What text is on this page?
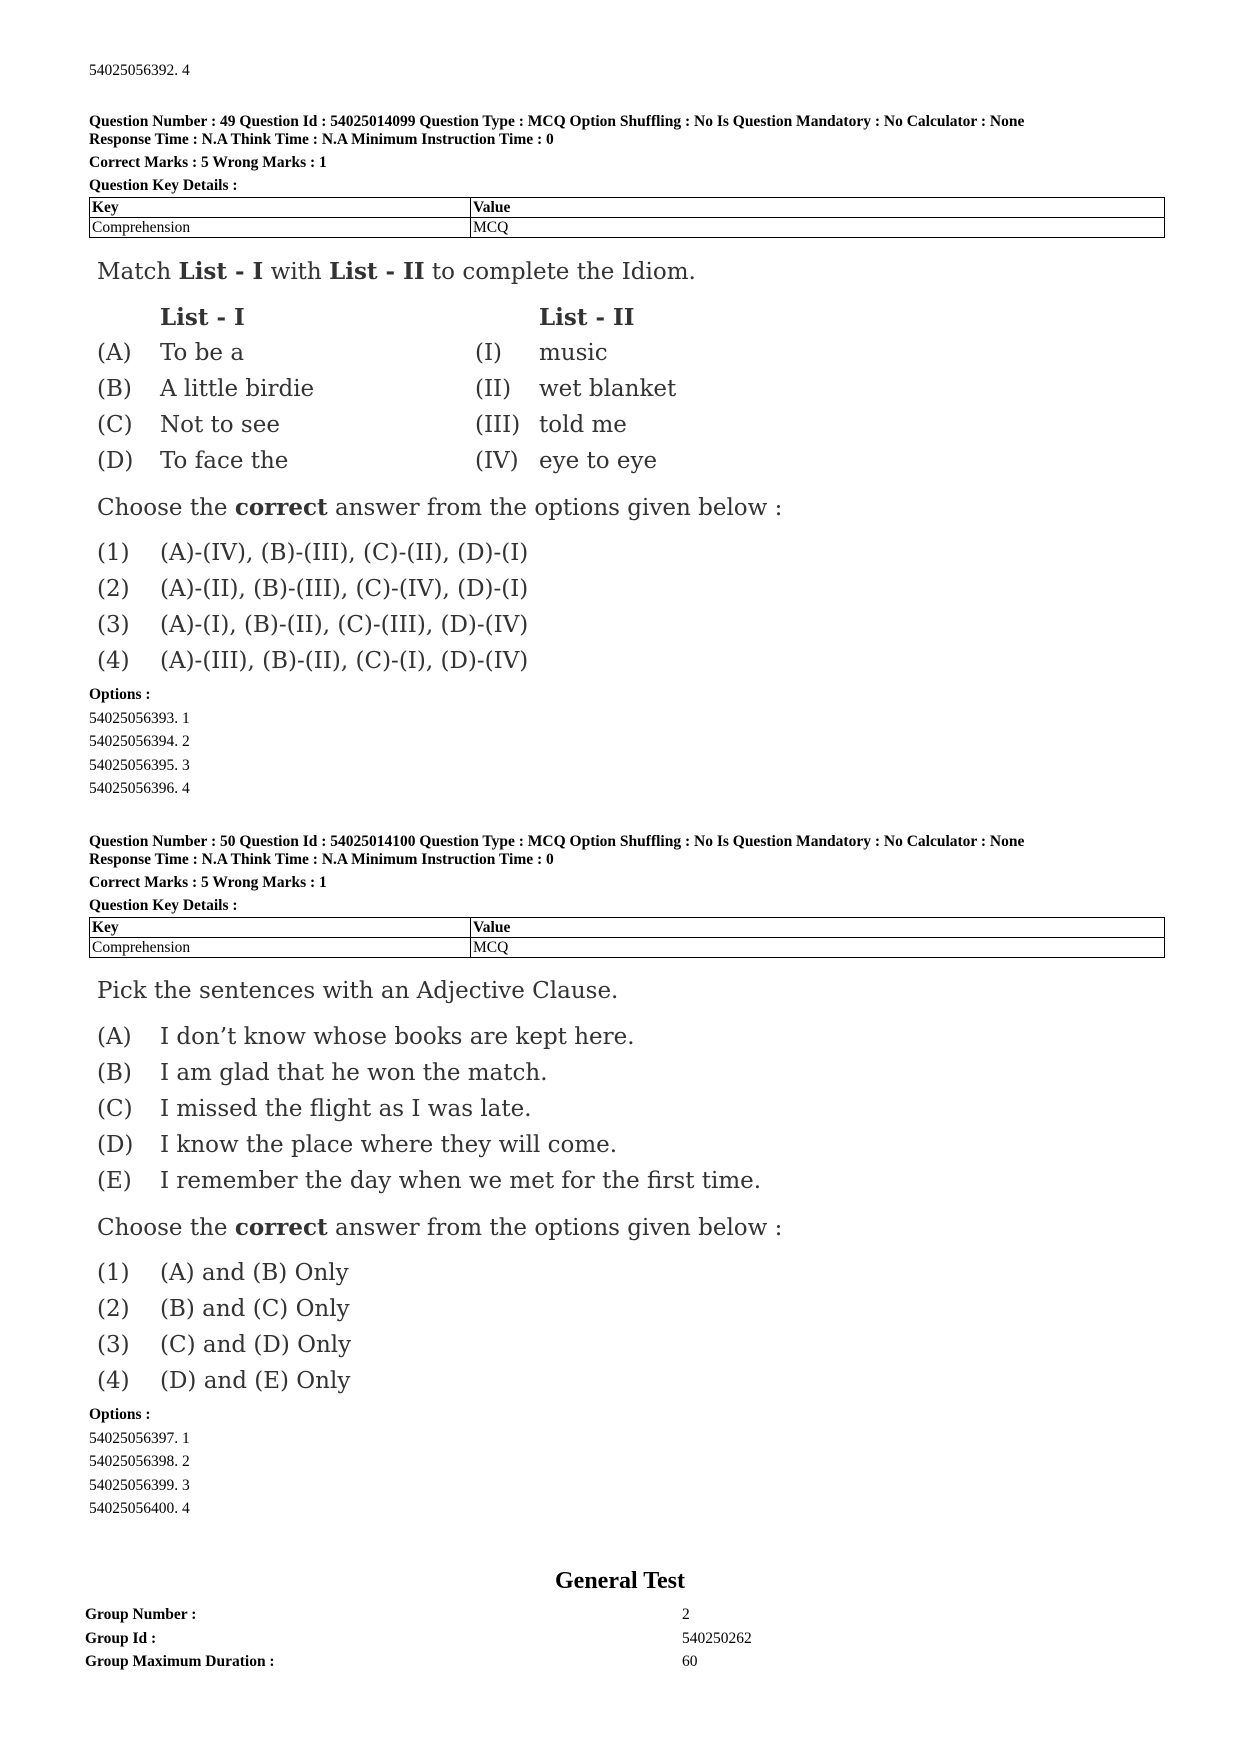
54025056392. 4
Question Number : 49 Question Id : 54025014099 Question Type : MCQ Option Shuffling : No Is Question Mandatory : No Calculator : None
Response Time : N.A Think Time : N.A Minimum Instruction Time : 0
Correct Marks : 5 Wrong Marks : 1
Question Key Details :
Key	Value
Comprehension	MCQ
Match List - I with List - II to complete the Idiom.
List - I	List - II
(A) To be a	(I) music
(B) A little birdie	(II) wet blanket
(C) Not to see	(III) told me
(D) To face the	(IV) eye to eye
Choose the correct answer from the options given below :
(1) (A)-(IV), (B)-(III), (C)-(II), (D)-(I)
(2) (A)-(II), (B)-(III), (C)-(IV), (D)-(I)
(3) (A)-(I), (B)-(II), (C)-(III), (D)-(IV)
(4) (A)-(III), (B)-(II), (C)-(I), (D)-(IV)
Options :
54025056393. 1
54025056394. 2
54025056395. 3
54025056396. 4
Question Number : 50 Question Id : 54025014100 Question Type : MCQ Option Shuffling : No Is Question Mandatory : No Calculator : None
Response Time : N.A Think Time : N.A Minimum Instruction Time : 0
Correct Marks : 5 Wrong Marks : 1
Question Key Details :
Key	Value
Comprehension	MCQ
Pick the sentences with an Adjective Clause.
(A) I don’t know whose books are kept here.
(B) I am glad that he won the match.
(C) I missed the flight as I was late.
(D) I know the place where they will come.
(E) I remember the day when we met for the first time.
Choose the correct answer from the options given below :
(1) (A) and (B) Only
(2) (B) and (C) Only
(3) (C) and (D) Only
(4) (D) and (E) Only
Options :
54025056397. 1
54025056398. 2
54025056399. 3
54025056400. 4
General Test
Group Number :	2
Group Id :	540250262
Group Maximum Duration :	60
